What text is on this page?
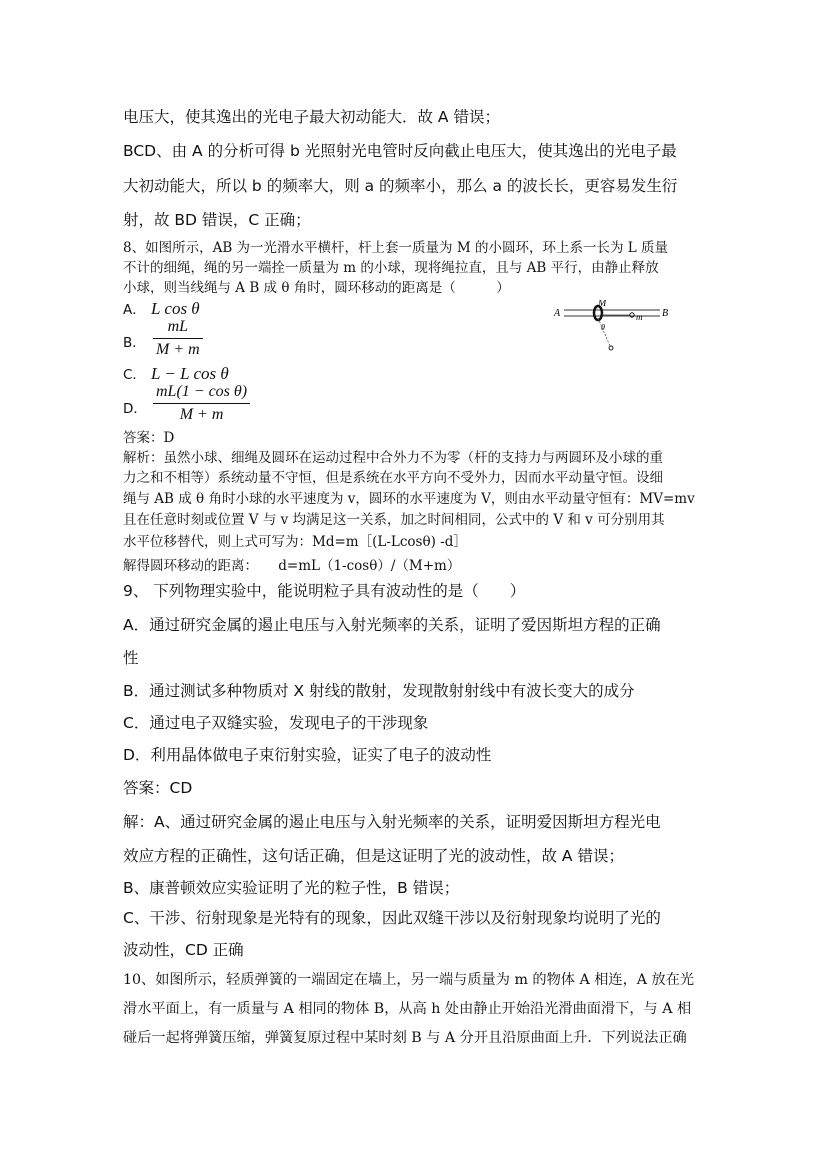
电压大，使其逸出的光电子最大初动能大．故 A 错误；
BCD、由 A 的分析可得 b 光照射光电管时反向截止电压大，使其逸出的光电子最
大初动能大，所以 b 的频率大，则 a 的频率小，那么 a 的波长长，更容易发生衍
射，故 BD 错误，C 正确；
8、如图所示，AB 为一光滑水平横杆，杆上套一质量为 M 的小圆环，环上系一长为 L 质量
不计的细绳，绳的另一端拴一质量为 m 的小球，现将绳拉直，且与 AB 平行，由静止释放
小球，则当线绳与 A B 成 θ 角时，圆环移动的距离是（　　　）
A． L cos θ
B．
mL
M + m
C． L − L cos θ
D．
mL(1 − cos θ)
M + m
A
M
m B
θ
答案：D
解析：虽然小球、细绳及圆环在运动过程中合外力不为零（杆的支持力与两圆环及小球的重
力之和不相等）系统动量不守恒，但是系统在水平方向不受外力，因而水平动量守恒。设细
绳与 AB 成 θ 角时小球的水平速度为 v，圆环的水平速度为 V，则由水平动量守恒有：MV=mv
且在任意时刻或位置 V 与 v 均满足这一关系，加之时间相同，公式中的 V 和 v 可分别用其
水平位移替代，则上式可写为：Md=m［(L-Lcosθ) -d］
解得圆环移动的距离：　　d=mL（1-cosθ）/（M+m）
9、 下列物理实验中，能说明粒子具有波动性的是（　　）
A．通过研究金属的遏止电压与入射光频率的关系，证明了爱因斯坦方程的正确
性
B．通过测试多种物质对 X 射线的散射，发现散射射线中有波长变大的成分
C．通过电子双缝实验，发现电子的干涉现象
D．利用晶体做电子束衍射实验，证实了电子的波动性
答案：CD
解：A、通过研究金属的遏止电压与入射光频率的关系，证明爱因斯坦方程光电
效应方程的正确性，这句话正确，但是这证明了光的波动性，故 A 错误；
B、康普顿效应实验证明了光的粒子性，B 错误；
C、干涉、衍射现象是光特有的现象，因此双缝干涉以及衍射现象均说明了光的
波动性，CD 正确
10、如图所示，轻质弹簧的一端固定在墙上，另一端与质量为 m 的物体 A 相连，A 放在光
滑水平面上，有一质量与 A 相同的物体 B，从高 h 处由静止开始沿光滑曲面滑下，与 A 相
碰后一起将弹簧压缩，弹簧复原过程中某时刻 B 与 A 分开且沿原曲面上升．下列说法正确
